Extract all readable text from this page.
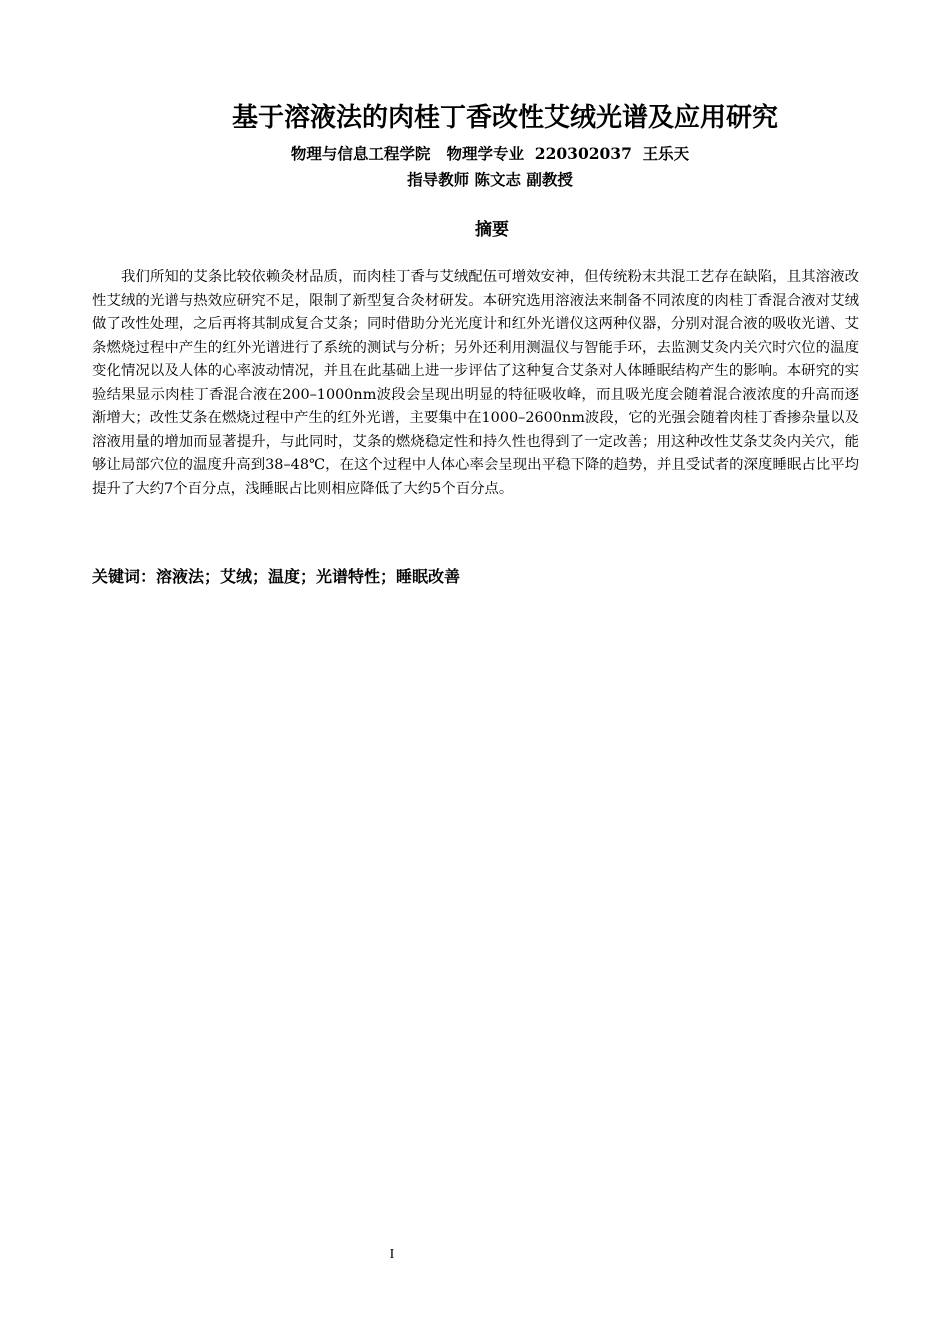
基于溶液法的肉桂丁香改性艾绒光谱及应用研究

物理与信息工程学院   物理学专业  220302037  王乐天

指导教师 陈文志 副教授

摘要

我们所知的艾条比较依赖灸材品质，而肉桂丁香与艾绒配伍可增效安神，但传统粉末共混工艺存在缺陷，且其溶液改性艾绒的光谱与热效应研究不足，限制了新型复合灸材研发。本研究选用溶液法来制备不同浓度的肉桂丁香混合液对艾绒做了改性处理，之后再将其制成复合艾条；同时借助分光光度计和红外光谱仪这两种仪器，分别对混合液的吸收光谱、艾条燃烧过程中产生的红外光谱进行了系统的测试与分析；另外还利用测温仪与智能手环，去监测艾灸内关穴时穴位的温度变化情况以及人体的心率波动情况，并且在此基础上进一步评估了这种复合艾条对人体睡眠结构产生的影响。本研究的实验结果显示肉桂丁香混合液在200–1000nm波段会呈现出明显的特征吸收峰，而且吸光度会随着混合液浓度的升高而逐渐增大；改性艾条在燃烧过程中产生的红外光谱，主要集中在1000–2600nm波段，它的光强会随着肉桂丁香掺杂量以及溶液用量的增加而显著提升，与此同时，艾条的燃烧稳定性和持久性也得到了一定改善；用这种改性艾条艾灸内关穴，能够让局部穴位的温度升高到38–48℃，在这个过程中人体心率会呈现出平稳下降的趋势，并且受试者的深度睡眠占比平均提升了大约7个百分点，浅睡眠占比则相应降低了大约5个百分点。

关键词：溶液法；艾绒；温度；光谱特性；睡眠改善

I
